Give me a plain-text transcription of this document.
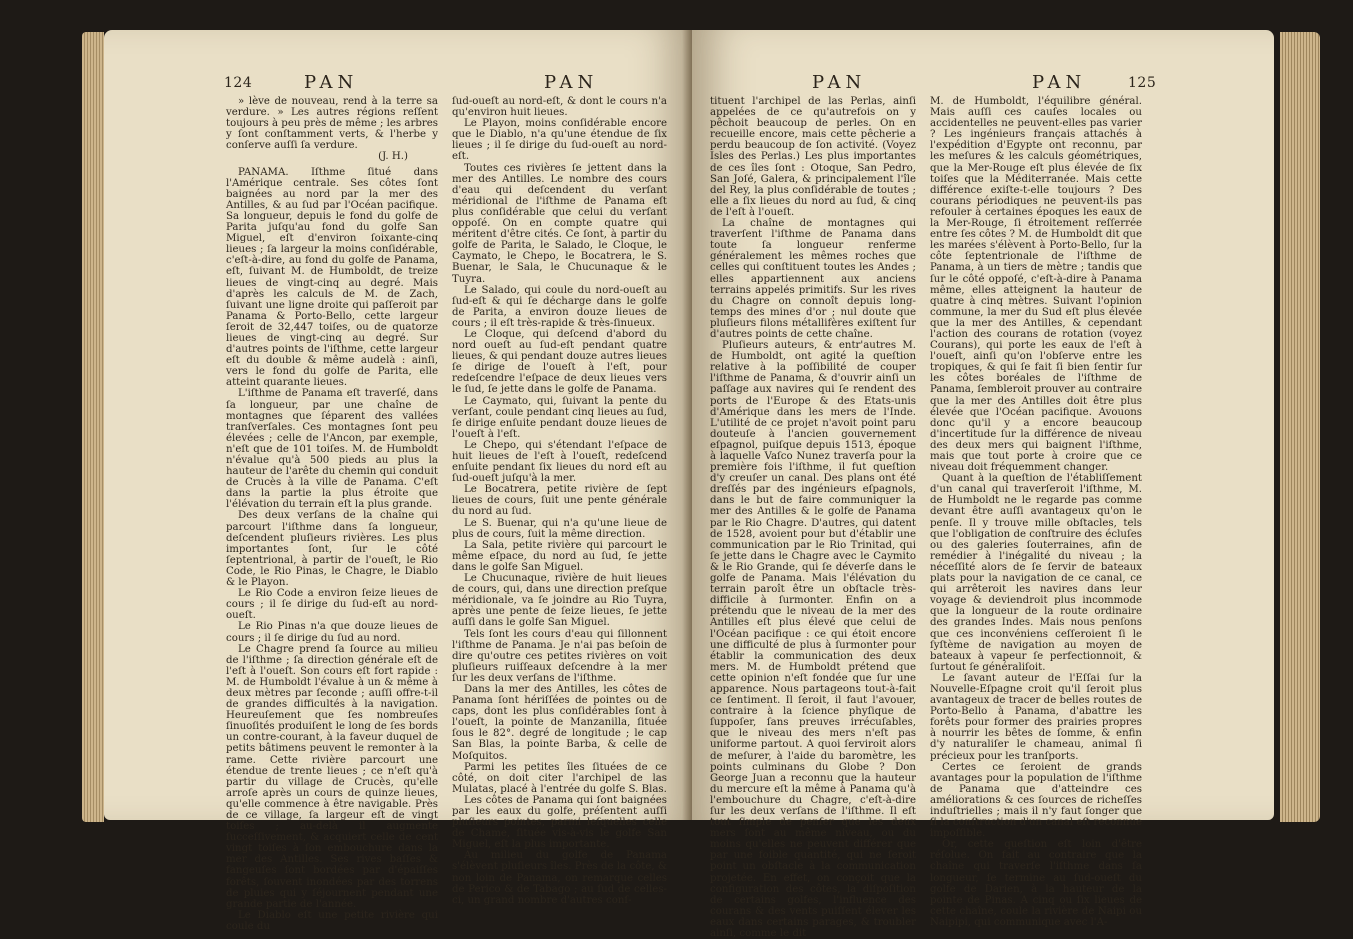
124	PAN	PAN

» lève de nouveau, rend à la terre sa verdure. » Les autres régions reſſent toujours à peu près de même ; les arbres y ſont conſtamment verts, & l'herbe y conſerve auſſi ſa verdure.

(J. H.)

PANAMA. Iſthme ſitué dans l'Amérique centrale. Ses côtes ſont baignées au nord par la mer des Antilles, & au ſud par l'Océan pacifique. Sa longueur, depuis le fond du golfe de Parita juſqu'au fond du golfe San Miguel, eſt d'environ ſoixante-cinq lieues ; ſa largeur la moins conſidérable, c'eſt-à-dire, au fond du golfe de Panama, eſt, ſuivant M. de Humboldt, de treize lieues de vingt-cinq au degré. Mais d'après les calculs de M. de Zach, ſuivant une ligne droite qui paſſeroit par Panama & Porto-Bello, cette largeur ſeroit de 32,447 toiſes, ou de quatorze lieues de vingt-cinq au degré. Sur d'autres points de l'iſthme, cette largeur eſt du double & même audelà : ainſi, vers le fond du golfe de Parita, elle atteint quarante lieues.

L'iſthme de Panama eſt traverſé, dans ſa longueur, par une chaîne de montagnes que ſéparent des vallées tranſverſales. Ces montagnes ſont peu élevées ; celle de l'Ancon, par exemple, n'eſt que de 101 toiſes. M. de Humboldt n'évalue qu'à 500 pieds au plus la hauteur de l'arête du chemin qui conduit de Crucès à la ville de Panama. C'eſt dans la partie la plus étroite que l'élévation du terrain eſt la plus grande.

Des deux verſans de la chaîne qui parcourt l'iſthme dans ſa longueur, deſcendent pluſieurs rivières. Les plus importantes ſont, ſur le côté ſeptentrional, à partir de l'oueſt, le Rio Code, le Rio Pinas, le Chagre, le Diablo & le Playon.

Le Rio Code a environ ſeize lieues de cours ; il ſe dirige du ſud-eſt au nord-oueſt.

Le Rio Pinas n'a que douze lieues de cours ; il ſe dirige du ſud au nord.

Le Chagre prend ſa ſource au milieu de l'iſthme ; ſa direction générale eſt de l'eſt à l'oueſt. Son cours eſt fort rapide : M. de Humboldt l'évalue à un & même à deux mètres par ſeconde ; auſſi offre-t-il de grandes difficultés à la navigation. Heureuſement que ſes nombreuſes ſinuoſités produiſent le long de ſes bords un contre-courant, à la faveur duquel de petits bâtimens peuvent le remonter à la rame. Cette rivière parcourt une étendue de trente lieues ; ce n'eſt qu'à partir du village de Crucès, qu'elle arroſe après un cours de quinze lieues, qu'elle commence à être navigable. Près de ce village, ſa largeur eſt de vingt toiſes ; au-delà il augmente ſucceſſivement, & acquiert celle de cent vingt toiſes à ſon embouchure dans la mer des Antilles. Ses rives baſſes & fangeuſes ſont bordées par d'épaiſſes forêts, ſouvent inondées par des torrens de pluies qui y ſéjournent pendant une grande partie de l'année.

Le Diablo eſt une petite rivière qui coule du

ſud-oueſt au nord-eſt, & dont le cours n'a qu'environ huit lieues.

Le Playon, moins conſidérable encore que le Diablo, n'a qu'une étendue de ſix lieues ; il ſe dirige du ſud-oueſt au nord-eſt.

Toutes ces rivières ſe jettent dans la mer des Antilles. Le nombre des cours d'eau qui deſcendent du verſant méridional de l'iſthme de Panama eſt plus conſidérable que celui du verſant oppoſé. On en compte quatre qui méritent d'être cités. Ce ſont, à partir du golfe de Parita, le Salado, le Cloque, le Caymato, le Chepo, le Bocatrera, le S. Buenar, le Sala, le Chucunaque & le Tuyra.

Le Salado, qui coule du nord-oueſt au ſud-eſt & qui ſe décharge dans le golfe de Parita, a environ douze lieues de cours ; il eſt très-rapide & très-ſinueux.

Le Cloque, qui deſcend d'abord du nord oueſt au ſud-eſt pendant quatre lieues, & qui pendant douze autres lieues ſe dirige de l'oueſt à l'eſt, pour redeſcendre l'eſpace de deux lieues vers le ſud, ſe jette dans le golfe de Panama.

Le Caymato, qui, ſuivant la pente du verſant, coule pendant cinq lieues au ſud, ſe dirige enſuite pendant douze lieues de l'oueſt à l'eſt.

Le Chepo, qui s'étendant l'eſpace de huit lieues de l'eſt à l'oueſt, redeſcend enſuite pendant ſix lieues du nord eſt au ſud-oueſt juſqu'à la mer.

Le Bocatrera, petite rivière de ſept lieues de cours, ſuit une pente générale du nord au ſud.

Le S. Buenar, qui n'a qu'une lieue de plus de cours, ſuit la même direction.

La Sala, petite rivière qui parcourt le même eſpace, du nord au ſud, ſe jette dans le golfe San Miguel.

Le Chucunaque, rivière de huit lieues de cours, qui, dans une direction preſque méridionale, va ſe joindre au Rio Tuyra, après une pente de ſeize lieues, ſe jette auſſi dans le golfe San Miguel.

Tels ſont les cours d'eau qui ſillonnent l'iſthme de Panama. Je n'ai pas beſoin de dire qu'outre ces petites rivières on voit pluſieurs ruiſſeaux deſcendre à la mer ſur les deux verſans de l'iſthme.

Dans la mer des Antilles, les côtes de Panama ſont hériſſées de pointes ou de caps, dont les plus conſidérables ſont à l'oueſt, la pointe de Manzanilla, ſituée ſous le 82°. degré de longitude ; le cap San Blas, la pointe Barba, & celle de Moſquitos.

Parmi les petites îles ſituées de ce côté, on doit citer l'archipel de las Mulatas, placé à l'entrée du golfe S. Blas.

Les côtes de Panama qui ſont baignées par les eaux du golfe, préſentent auſſi pluſieurs pointes, parmi leſquelles celle de Chame, ſituée vis-à-vis le golfe San Miguel, eſt la plus importante.

Au milieu du golfe de Panama s'élèvent pluſieurs îles. Près de la côte, & non loin de Panama, on remarque celles de Perico & de Tabago ; au ſud de celles-ci, un grand nombre d'autres conſ-

PAN	PAN	125

tituent l'archipel de las Perlas, ainſi appelées de ce qu'autrefois on y pêchoit beaucoup de perles. On en recueille encore, mais cette pêcherie a perdu beaucoup de ſon activité. (Voyez Isles des Perlas.) Les plus importantes de ces îles ſont : Otoque, San Pedro, San Joſé, Galera, & principalement l'île del Rey, la plus conſidérable de toutes ; elle a ſix lieues du nord au ſud, & cinq de l'eſt à l'oueſt.

La chaîne de montagnes qui traverſent l'iſthme de Panama dans toute ſa longueur renferme généralement les mêmes roches que celles qui conſtituent toutes les Andes ; elles appartiennent aux anciens terrains appelés primitifs. Sur les rives du Chagre on connoît depuis long-temps des mines d'or ; nul doute que pluſieurs filons métallifères exiſtent ſur d'autres points de cette chaîne.

Pluſieurs auteurs, & entr'autres M. de Humboldt, ont agité la queſtion relative à la poſſibilité de couper l'iſthme de Panama, & d'ouvrir ainſi un paſſage aux navires qui ſe rendent des ports de l'Europe & des Etats-unis d'Amérique dans les mers de l'Inde. L'utilité de ce projet n'avoit point paru douteuſe à l'ancien gouvernement eſpagnol, puiſque depuis 1513, époque à laquelle Vaſco Nunez traverſa pour la première fois l'iſthme, il fut queſtion d'y creuſer un canal. Des plans ont été dreſſés par des ingénieurs eſpagnols, dans le but de faire communiquer la mer des Antilles & le golfe de Panama par le Rio Chagre. D'autres, qui datent de 1528, avoient pour but d'établir une communication par le Rio Trinitad, qui ſe jette dans le Chagre avec le Caymito & le Rio Grande, qui ſe déverſe dans le golfe de Panama. Mais l'élévation du terrain paroît être un obſtacle très-difficile à ſurmonter. Enfin on a prétendu que le niveau de la mer des Antilles eſt plus élevé que celui de l'Océan pacifique : ce qui étoit encore une difficulté de plus à ſurmonter pour établir la communication des deux mers. M. de Humboldt prétend que cette opinion n'eſt fondée que ſur une apparence. Nous partageons tout-à-fait ce ſentiment. Il ſeroit, il faut l'avouer, contraire à la ſcience phyſique de ſuppoſer, ſans preuves irrécuſables, que le niveau des mers n'eſt pas uniforme partout. A quoi ſerviroit alors de meſurer, à l'aide du baromètre, les points culminans du Globe ? Don George Juan a reconnu que la hauteur du mercure eſt la même à Panama qu'à l'embouchure du Chagre, c'eſt-à-dire ſur les deux verſans de l'iſthme. Il eſt tout ſimple de penſer que les deux mers ſont au même niveau, ou du moins qu'elles ne peuvent différer que par une foible quantité, qui ne ſeroit point un obſtacle à la communication projetée. En effet, on conçoit que la configuration des côtes, la diſpoſition de certains golfes, l'influence des courans & des vents puiſſent élever les eaux dans certains parages, & troubler ainſi, comme le dit

M. de Humboldt, l'équilibre général. Mais auſſi ces cauſes locales ou accidentelles ne peuvent-elles pas varier ? Les ingénieurs français attachés à l'expédition d'Egypte ont reconnu, par les meſures & les calculs géométriques, que la Mer-Rouge eſt plus élevée de ſix toiſes que la Méditerranée. Mais cette différence exiſte-t-elle toujours ? Des courans périodiques ne peuvent-ils pas refouler à certaines époques les eaux de la Mer-Rouge, ſi étroitement reſſerrée entre ſes côtes ? M. de Humboldt dit que les marées s'élèvent à Porto-Bello, ſur la côte ſeptentrionale de l'iſthme de Panama, à un tiers de mètre ; tandis que ſur le côté oppoſé, c'eſt-à-dire à Panama même, elles atteignent la hauteur de quatre à cinq mètres. Suivant l'opinion commune, la mer du Sud eſt plus élevée que la mer des Antilles, & cependant l'action des courans de rotation (voyez Courans), qui porte les eaux de l'eſt à l'oueſt, ainſi qu'on l'obſerve entre les tropiques, & qui ſe fait ſi bien ſentir ſur les côtes boréales de l'iſthme de Panama, ſembleroit prouver au contraire que la mer des Antilles doit être plus élevée que l'Océan pacifique. Avouons donc qu'il y a encore beaucoup d'incertitude ſur la différence de niveau des deux mers qui baignent l'iſthme, mais que tout porte à croire que ce niveau doit fréquemment changer.

Quant à la queſtion de l'établiſſement d'un canal qui traverſeroit l'iſthme, M. de Humboldt ne le regarde pas comme devant être auſſi avantageux qu'on le penſe. Il y trouve mille obſtacles, tels que l'obligation de conſtruire des écluſes ou des galeries ſouterraines, afin de remédier à l'inégalité du niveau ; la néceſſité alors de ſe ſervir de bateaux plats pour la navigation de ce canal, ce qui arrêteroit les navires dans leur voyage & deviendroit plus incommode que la longueur de la route ordinaire des grandes Indes. Mais nous penſons que ces inconvéniens ceſſeroient ſi le ſyſtème de navigation au moyen de bateaux à vapeur ſe perfectionnoit, & ſurtout ſe généraliſoit.

Le ſavant auteur de l'Eſſai ſur la Nouvelle-Eſpagne croit qu'il ſeroit plus avantageux de tracer de belles routes de Porto-Bello à Panama, d'abattre les forêts pour former des prairies propres à nourrir les bêtes de ſomme, & enfin d'y naturaliſer le chameau, animal ſi précieux pour les tranſports.

Certes ce ſeroient de grands avantages pour la population de l'iſthme de Panama que d'atteindre ces améliorations & ces ſources de richeſſes induſtrielles ; mais il n'y faut ſonger que ſi la conſtruction d'un canal eſt reconnue impoſſible.

Or, cette queſtion eſt loin d'être réſolue. On fait au contraire que la chaîne qui traverſe l'iſthme dans ſa longueur, ſe termine au ſud-oueſt du golfe de Darien, à la hauteur de la pointe de Pinas. A cinq ou ſix lieues de cette chaîne, coule la rivière de Naipi ou Naipipi, qui communique avec l'A-
